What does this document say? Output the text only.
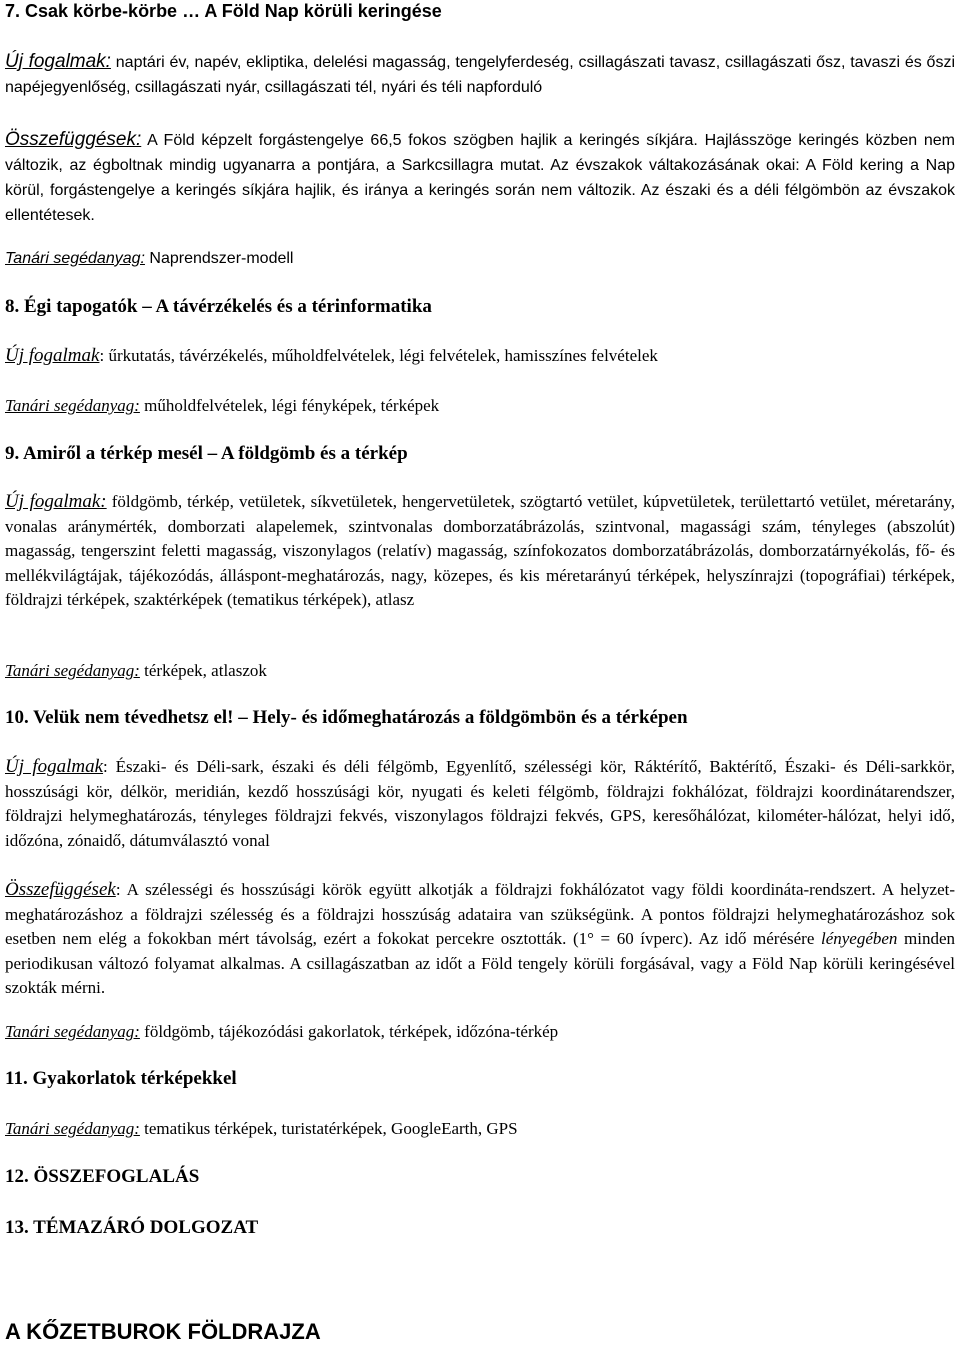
7. Csak körbe-körbe … A Föld Nap körüli keringése

Új fogalmak: naptári év, napév, ekliptika, delelési magasság, tengelyferdeség, csillagászati tavasz, csillagászati ősz, tavaszi és őszi napéjegyenlőség, csillagászati nyár, csillagászati tél, nyári és téli napforduló

Összefüggések: A Föld képzelt forgástengelye 66,5 fokos szögben hajlik a keringés síkjára. Hajlásszöge keringés közben nem változik, az égboltnak mindig ugyanarra a pontjára, a Sarkcsillagra mutat. Az évszakok váltakozásának okai: A Föld kering a Nap körül, forgástengelye a keringés síkjára hajlik, és iránya a keringés során nem változik. Az északi és a déli félgömbön az évszakok ellentétesek.

Tanári segédanyag: Naprendszer-modell

8. Égi tapogatók – A távérzékelés és a térinformatika

Új fogalmak: űrkutatás, távérzékelés, műholdfelvételek, légi felvételek, hamisszínes felvételek

Tanári segédanyag: műholdfelvételek, légi fényképek, térképek

9. Amiről a térkép mesél – A földgömb és a térkép

Új fogalmak: földgömb, térkép, vetületek, síkvetületek, hengervetületek, szögtartó vetület, kúpvetületek, területtartó vetület, méretarány, vonalas aránymérték, domborzati alapelemek, szintvonalas domborzatábrázolás, szintvonal, magassági szám, tényleges (abszolút) magasság, tengerszint feletti magasság, viszonylagos (relatív) magasság, színfokozatos domborzatábrázolás, domborzatárnyékolás, fő- és mellékvilágtájak, tájékozódás, álláspont-meghatározás, nagy, közepes, és kis méretarányú térképek, helyszínrajzi (topográfiai) térképek, földrajzi térképek, szaktérképek (tematikus térképek), atlasz

Tanári segédanyag: térképek, atlaszok

10. Velük nem tévedhetsz el! – Hely- és időmeghatározás a földgömbön és a térképen

Új fogalmak: Északi- és Déli-sark, északi és déli félgömb, Egyenlítő, szélességi kör, Ráktérítő, Baktérítő, Északi- és Déli-sarkkör, hosszúsági kör, délkör, meridián, kezdő hosszúsági kör, nyugati és keleti félgömb, földrajzi fokhálózat, földrajzi koordinátarendszer, földrajzi helymeghatározás, tényleges földrajzi fekvés, viszonylagos földrajzi fekvés, GPS, keresőhálózat, kilométer-hálózat, helyi idő, időzóna, zónaidő, dátumválasztó vonal

Összefüggések: A szélességi és hosszúsági körök együtt alkotják a földrajzi fokhálózatot vagy földi koordináta-rendszert. A helyzet-meghatározáshoz a földrajzi szélesség és a földrajzi hosszúság adataira van szükségünk. A pontos földrajzi helymeghatározáshoz sok esetben nem elég a fokokban mért távolság, ezért a fokokat percekre osztották. (1° = 60 ívperc). Az idő mérésére lényegében minden periodikusan változó folyamat alkalmas. A csillagászatban az időt a Föld tengely körüli forgásával, vagy a Föld Nap körüli keringésével szokták mérni.

Tanári segédanyag: földgömb, tájékozódási gakorlatok, térképek, időzóna-térkép

11. Gyakorlatok térképekkel

Tanári segédanyag: tematikus térképek, turistatérképek, GoogleEarth, GPS

12. ÖSSZEFOGLALÁS
13. TÉMAZÁRÓ DOLGOZAT
A KŐZETBUROK FÖLDRAJZA
